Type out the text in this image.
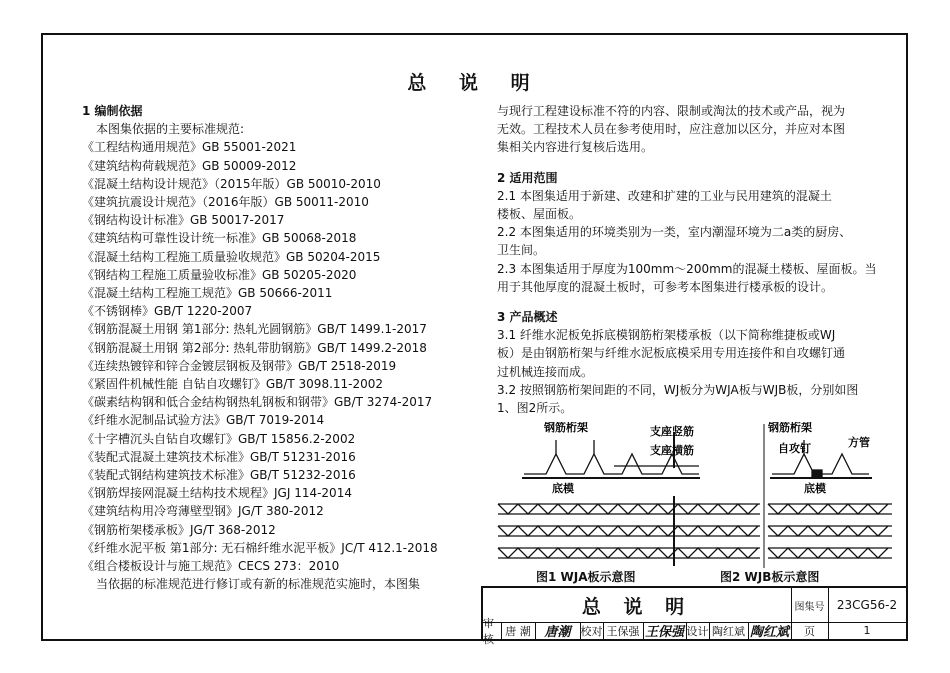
总 说 明
1 编制依据
本图集依据的主要标准规范:
《工程结构通用规范》GB 55001-2021
《建筑结构荷载规范》GB 50009-2012
《混凝土结构设计规范》（2015年版）GB 50010-2010
《建筑抗震设计规范》（2016年版）GB 50011-2010
《钢结构设计标准》GB 50017-2017
《建筑结构可靠性设计统一标准》GB 50068-2018
《混凝土结构工程施工质量验收规范》GB 50204-2015
《钢结构工程施工质量验收标准》GB 50205-2020
《混凝土结构工程施工规范》GB 50666-2011
《不锈钢棒》GB/T 1220-2007
《钢筋混凝土用钢 第1部分: 热轧光圆钢筋》GB/T 1499.1-2017
《钢筋混凝土用钢 第2部分: 热轧带肋钢筋》GB/T 1499.2-2018
《连续热镀锌和锌合金镀层钢板及钢带》GB/T 2518-2019
《紧固件机械性能 自钻自攻螺钉》GB/T 3098.11-2002
《碳素结构钢和低合金结构钢热轧钢板和钢带》GB/T 3274-2017
《纤维水泥制品试验方法》GB/T 7019-2014
《十字槽沉头自钻自攻螺钉》GB/T 15856.2-2002
《装配式混凝土建筑技术标准》GB/T 51231-2016
《装配式钢结构建筑技术标准》GB/T 51232-2016
《钢筋焊接网混凝土结构技术规程》JGJ 114-2014
《建筑结构用冷弯薄壁型钢》JG/T 380-2012
《钢筋桁架楼承板》JG/T 368-2012
《纤维水泥平板 第1部分: 无石棉纤维水泥平板》JC/T 412.1-2018
《组合楼板设计与施工规范》CECS 273：2010
当依据的标准规范进行修订或有新的标准规范实施时，本图集
与现行工程建设标准不符的内容、限制或淘汰的技术或产品，视为
无效。工程技术人员在参考使用时，应注意加以区分，并应对本图
集相关内容进行复核后选用。
2 适用范围
2.1 本图集适用于新建、改建和扩建的工业与民用建筑的混凝土
楼板、屋面板。
2.2 本图集适用的环境类别为一类，室内潮湿环境为二a类的厨房、
卫生间。
2.3 本图集适用于厚度为100mm～200mm的混凝土楼板、屋面板。当
用于其他厚度的混凝土板时，可参考本图集进行楼承板的设计。
3 产品概述
3.1 纤维水泥板免拆底模钢筋桁架楼承板（以下简称维捷板或WJ
板）是由钢筋桁架与纤维水泥板底模采用专用连接件和自攻螺钉通
过机械连接而成。
3.2 按照钢筋桁架间距的不同，WJ板分为WJA板与WJB板，分别如图
1、图2所示。
钢筋桁架	支座竖筋
支座横筋
底模
钢筋桁架
自攻钉	方管
底模
图1 WJA板示意图	图2 WJB板示意图
总 说 明	图集号	23CG56-2
审核
唐 潮	唐潮 校对 王保强 王保强 设计 陶红斌 陶红斌	页	1
